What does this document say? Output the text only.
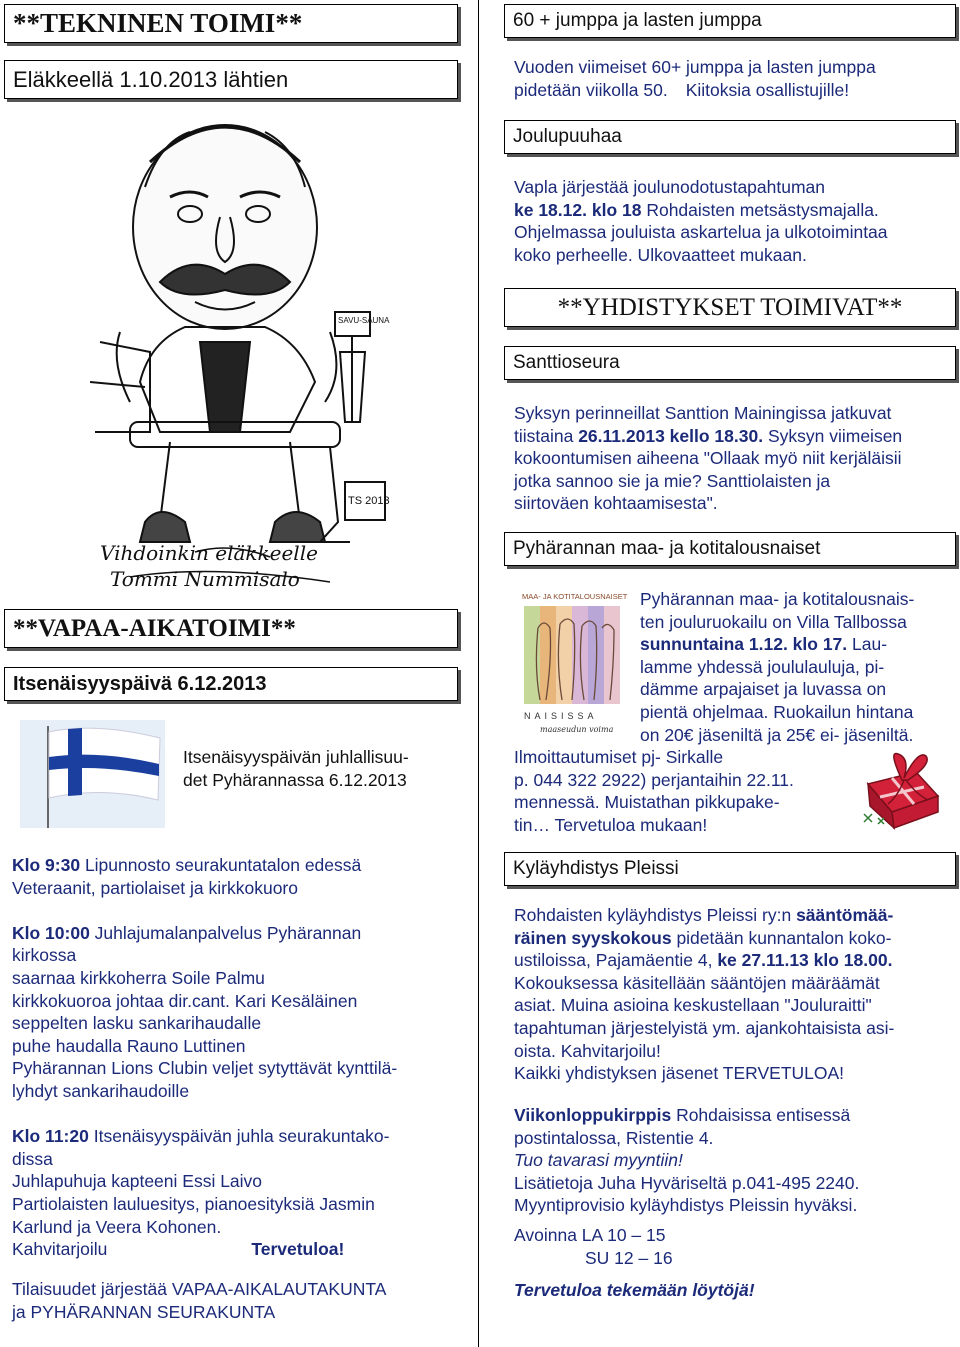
**TEKNINEN TOIMI**
Eläkkeellä 1.10.2013 lähtien
SAVU-SAUNA
TS 2013
Vihdoinkin eläkkeelle
Tommi Nummisalo
**VAPAA-AIKATOIMI**
Itsenäisyyspäivä 6.12.2013
Itsenäisyyspäivän juhlallisuu-
det Pyhärannassa 6.12.2013
Klo 9:30 Lipunnosto seurakuntatalon edessä
Veteraanit, partiolaiset ja kirkkokuoro

Klo 10:00 Juhlajumalanpalvelus Pyhärannan
kirkossa
saarnaa kirkkoherra Soile Palmu
kirkkokuoroa johtaa dir.cant. Kari Kesäläinen
seppelten lasku sankarihaudalle
puhe haudalla Rauno Luttinen
Pyhärannan Lions Clubin veljet sytyttävät kynttilä-
lyhdyt sankarihaudoille

Klo 11:20 Itsenäisyyspäivän juhla seurakuntako-
dissa
Juhlapuhuja kapteeni Essi Laivo
Partiolaisten lauluesitys, pianoesityksiä Jasmin
Karlund ja Veera Kohonen.
Kahvitarjoilu	Tervetuloa!
Tilaisuudet järjestää VAPAA-AIKALAUTAKUNTA
ja PYHÄRANNAN SEURAKUNTA
60 + jumppa ja lasten jumppa
Vuoden viimeiset 60+ jumppa ja lasten jumppa
pidetään viikolla 50. Kiitoksia osallistujille!
Joulupuuhaa
Vapla järjestää joulunodotustapahtuman
ke 18.12. klo 18 Rohdaisten metsästysmajalla.
Ohjelmassa jouluista askartelua ja ulkotoimintaa
koko perheelle. Ulkovaatteet mukaan.
**YHDISTYKSET TOIMIVAT**
Santtioseura
Syksyn perinneillat Santtion Mainingissa jatkuvat
tiistaina 26.11.2013 kello 18.30. Syksyn viimeisen
kokoontumisen aiheena "Ollaak myö niit kerjäläisii
jotka sannoo sie ja mie? Santtiolaisten ja
siirtoväen kohtaamisesta".
Pyhärannan maa- ja kotitalousnaiset
MAA- JA KOTITALOUSNAISET
NAISISSA
maaseudun voima
Pyhärannan maa- ja kotitalousnais-
ten jouluruokailu on Villa Tallbossa
sunnuntaina 1.12. klo 17. Lau-
lamme yhdessä joululauluja, pi-
dämme arpajaiset ja luvassa on
pientä ohjelmaa. Ruokailun hintana
on 20€ jäseniltä ja 25€ ei- jäseniltä.
Ilmoittautumiset pj- Sirkalle
p. 044 322 2922) perjantaihin 22.11.
mennessä. Muistathan pikkupake-
tin… Tervetuloa mukaan!
Kyläyhdistys Pleissi
Rohdaisten kyläyhdistys Pleissi ry:n sääntömää-
räinen syyskokous pidetään kunnantalon koko-
ustiloissa, Pajamäentie 4, ke 27.11.13 klo 18.00.
Kokouksessa käsitellään sääntöjen määräämät
asiat. Muina asioina keskustellaan "Jouluraitti"
tapahtuman järjestelyistä ym. ajankohtaisista asi-
oista. Kahvitarjoilu!
Kaikki yhdistyksen jäsenet TERVETULOA!
Viikonloppukirppis Rohdaisissa entisessä
postintalossa, Ristentie 4.
Tuo tavarasi myyntiin!
Lisätietoja Juha Hyväriseltä p.041-495 2240.
Myyntiprovisio kyläyhdistys Pleissin hyväksi.
Avoinna LA 10 – 15
SU 12 – 16
Tervetuloa tekemään löytöjä!
